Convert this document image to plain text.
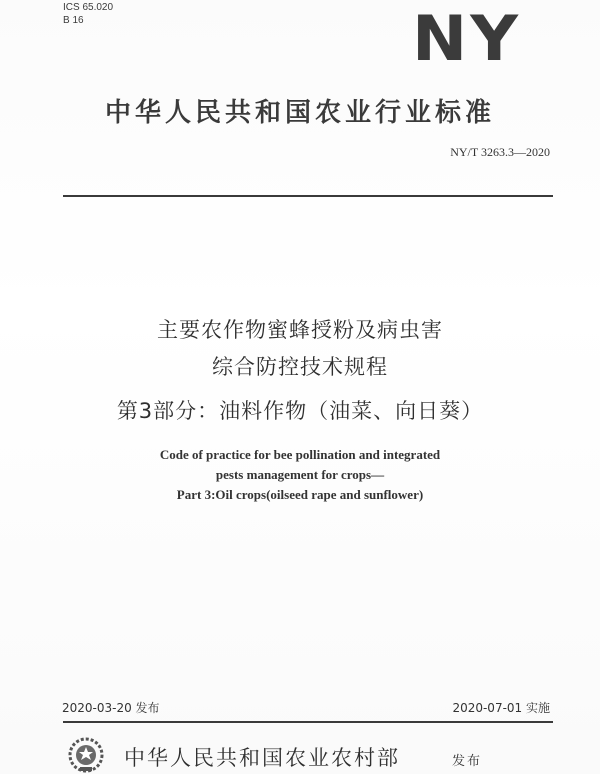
ICS 65.020
B 16	NY
中华人民共和国农业行业标准
NY/T 3263.3—2020
主要农作物蜜蜂授粉及病虫害
综合防控技术规程
第3部分：油料作物（油菜、向日葵）
Code of practice for bee pollination and integrated
pests management for crops—
Part 3:Oil crops(oilseed rape and sunflower)
2020-03-20 发布	2020-07-01 实施
中华人民共和国农业农村部	发布
